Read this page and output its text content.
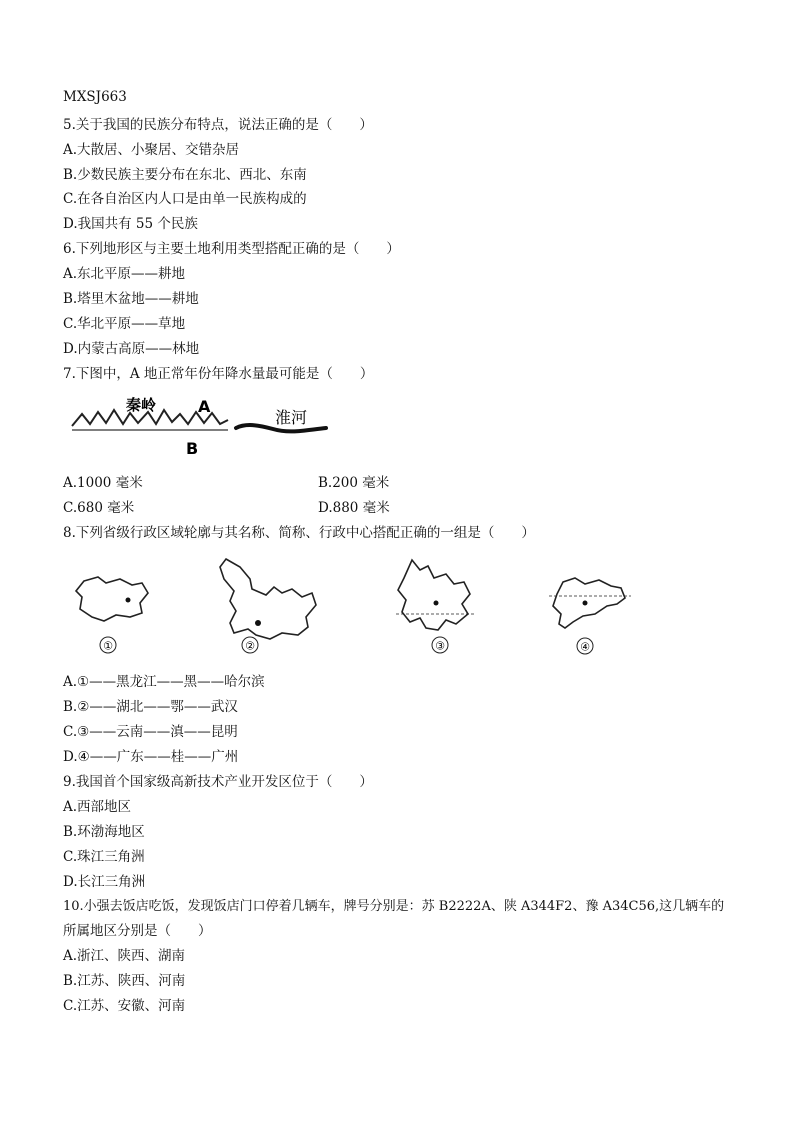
MXSJ663
5.关于我国的民族分布特点，说法正确的是（　　）
A.大散居、小聚居、交错杂居
B.少数民族主要分布在东北、西北、东南
C.在各自治区内人口是由单一民族构成的
D.我国共有 55 个民族
6.下列地形区与主要土地利用类型搭配正确的是（　　）
A.东北平原——耕地
B.塔里木盆地——耕地
C.华北平原——草地
D.内蒙古高原——林地
7.下图中，A 地正常年份年降水量最可能是（　　）
秦岭	A
B
淮河
A.1000 毫米	B.200 毫米
C.680 毫米	D.880 毫米
8.下列省级行政区域轮廓与其名称、简称、行政中心搭配正确的一组是（　　）
①	②	③	④
A.①——黑龙江——黑——哈尔滨
B.②——湖北——鄂——武汉
C.③——云南——滇——昆明
D.④——广东——桂——广州
9.我国首个国家级高新技术产业开发区位于（　　）
A.西部地区
B.环渤海地区
C.珠江三角洲
D.长江三角洲
10.小强去饭店吃饭，发现饭店门口停着几辆车，牌号分别是：苏 B2222A、陕 A344F2、豫 A34C56,这几辆车的
所属地区分别是（　　）
A.浙江、陕西、湖南
B.江苏、陕西、河南
C.江苏、安徽、河南
